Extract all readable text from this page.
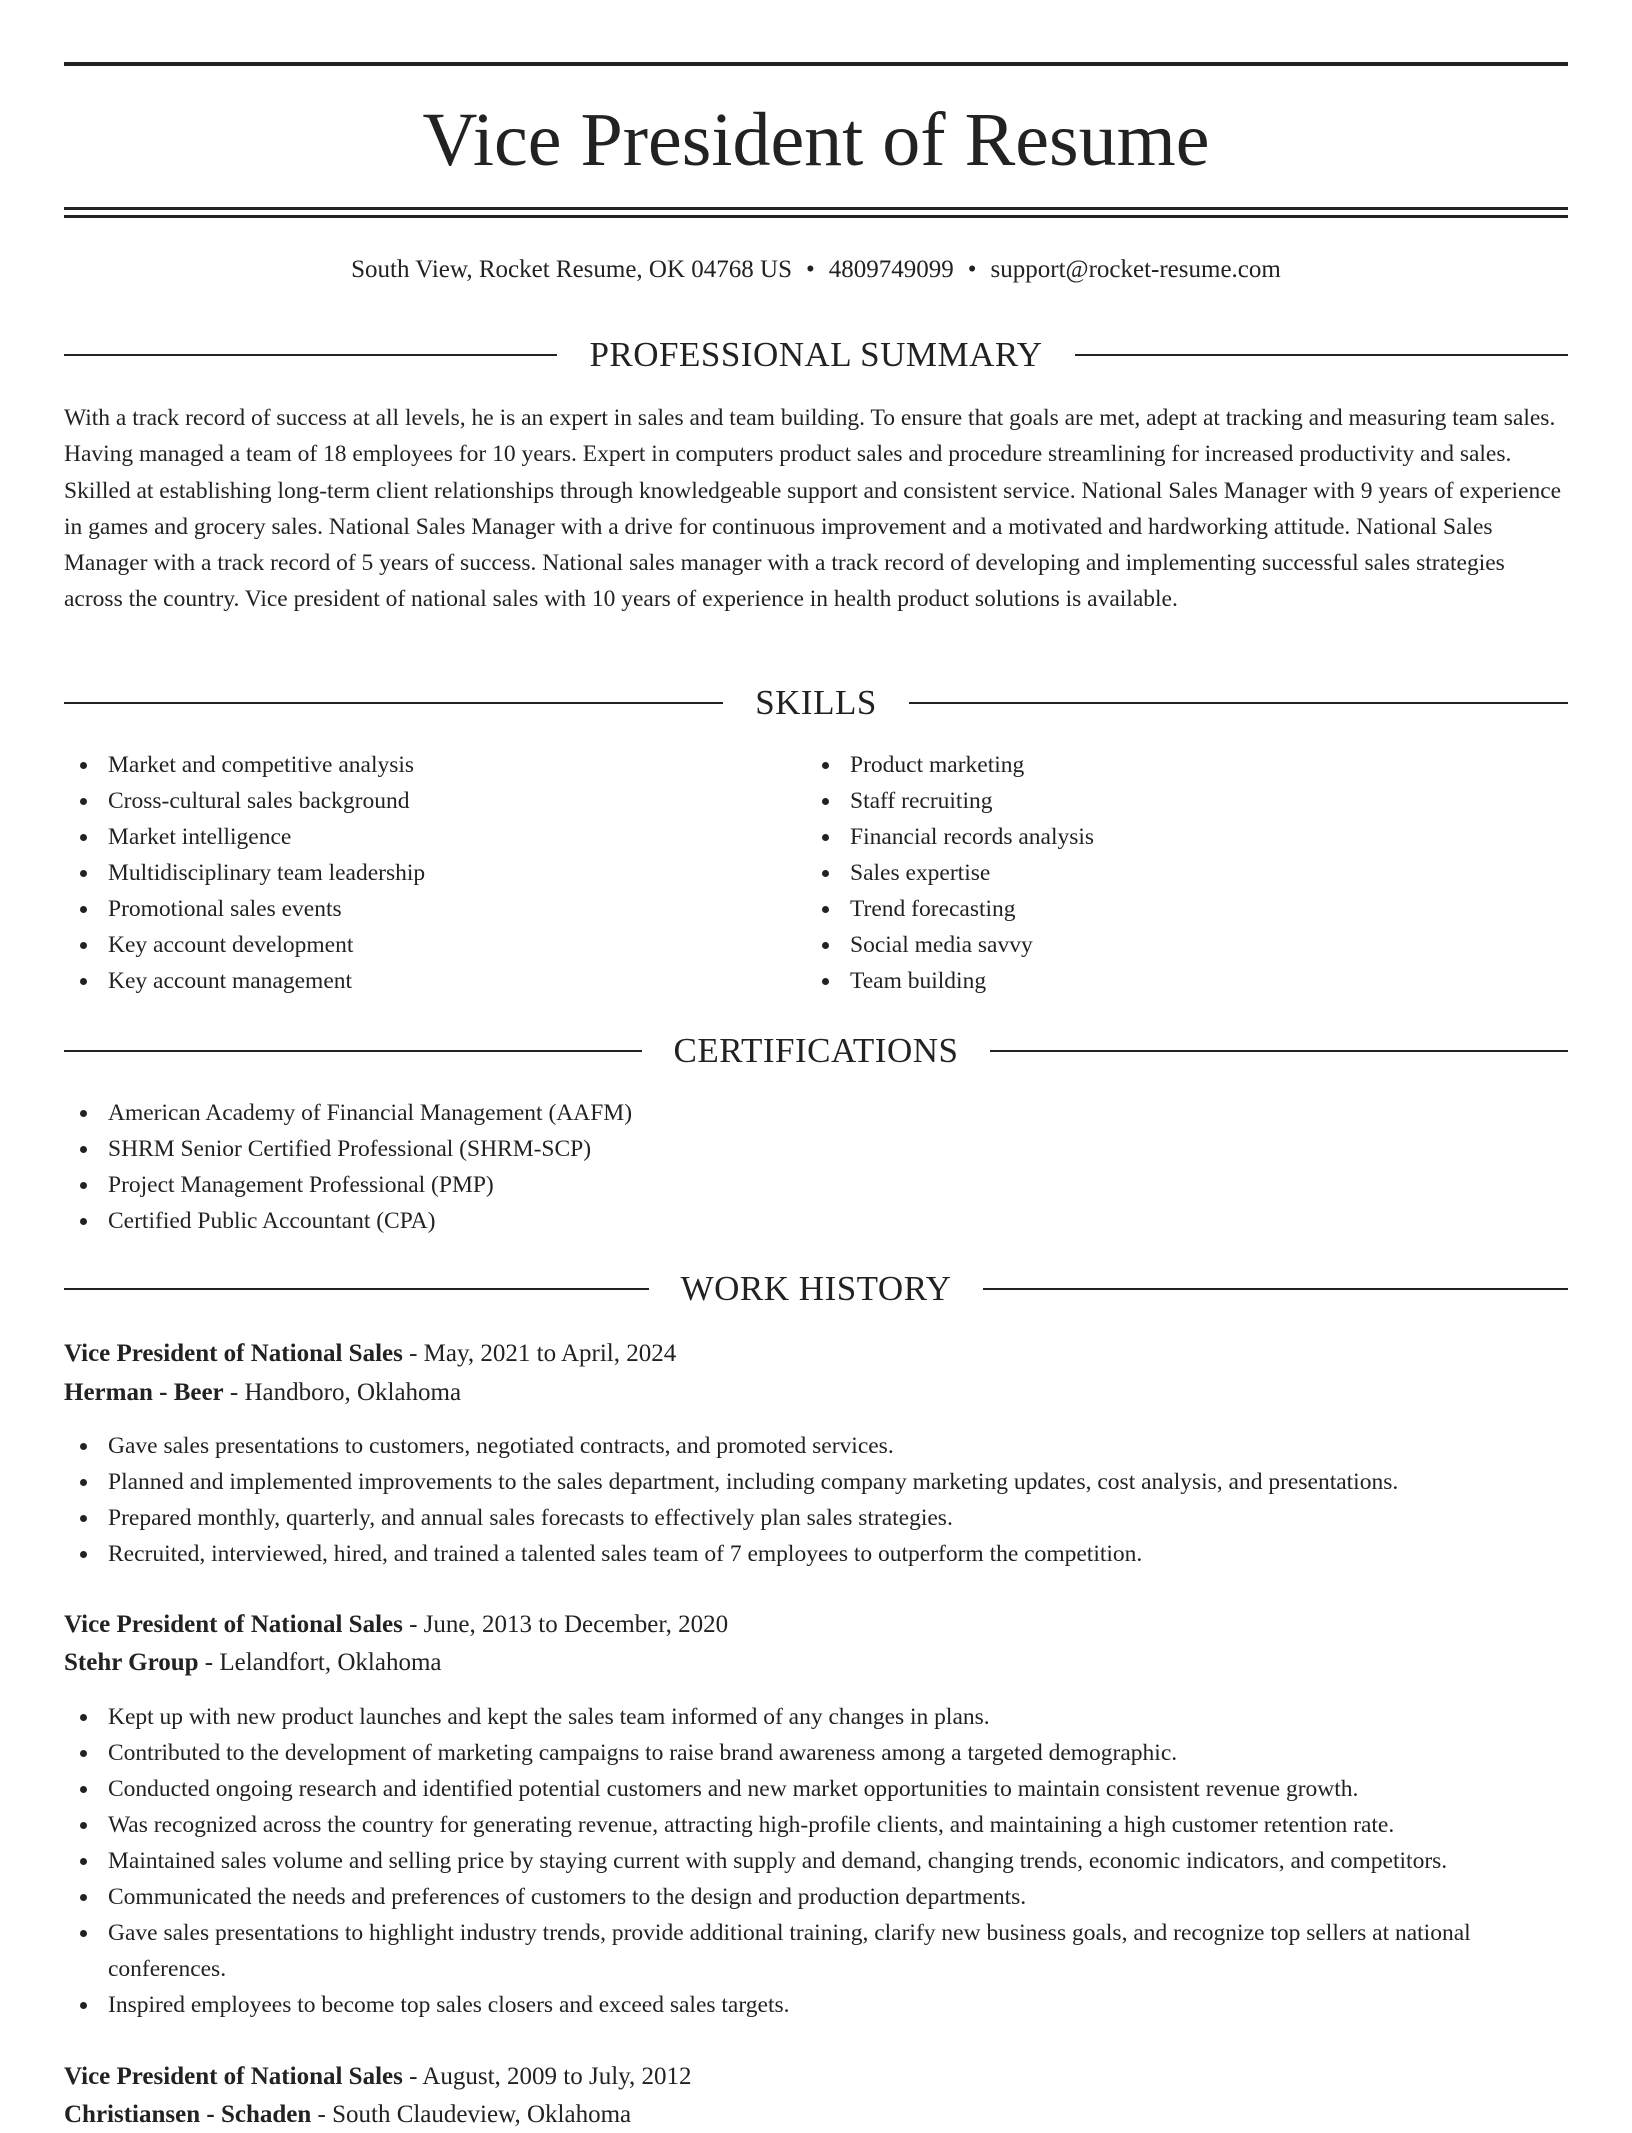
Vice President of Resume
South View, Rocket Resume, OK 04768 US • 4809749099 • support@rocket-resume.com
PROFESSIONAL SUMMARY

With a track record of success at all levels, he is an expert in sales and team building. To ensure that goals are met, adept at tracking and measuring team sales. Having managed a team of 18 employees for 10 years. Expert in computers product sales and procedure streamlining for increased productivity and sales. Skilled at establishing long-term client relationships through knowledgeable support and consistent service. National Sales Manager with 9 years of experience in games and grocery sales. National Sales Manager with a drive for continuous improvement and a motivated and hardworking attitude. National Sales Manager with a track record of 5 years of success. National sales manager with a track record of developing and implementing successful sales strategies across the country. Vice president of national sales with 10 years of experience in health product solutions is available.

SKILLS
Market and competitive analysis
Cross-cultural sales background
Market intelligence
Multidisciplinary team leadership
Promotional sales events
Key account development
Key account management
Product marketing
Staff recruiting
Financial records analysis
Sales expertise
Trend forecasting
Social media savvy
Team building
CERTIFICATIONS
American Academy of Financial Management (AAFM)
SHRM Senior Certified Professional (SHRM-SCP)
Project Management Professional (PMP)
Certified Public Accountant (CPA)
WORK HISTORY
Vice President of National Sales - May, 2021 to April, 2024
Herman - Beer - Handboro, Oklahoma
Gave sales presentations to customers, negotiated contracts, and promoted services.
Planned and implemented improvements to the sales department, including company marketing updates, cost analysis, and presentations.
Prepared monthly, quarterly, and annual sales forecasts to effectively plan sales strategies.
Recruited, interviewed, hired, and trained a talented sales team of 7 employees to outperform the competition.
Vice President of National Sales - June, 2013 to December, 2020
Stehr Group - Lelandfort, Oklahoma
Kept up with new product launches and kept the sales team informed of any changes in plans.
Contributed to the development of marketing campaigns to raise brand awareness among a targeted demographic.
Conducted ongoing research and identified potential customers and new market opportunities to maintain consistent revenue growth.
Was recognized across the country for generating revenue, attracting high-profile clients, and maintaining a high customer retention rate.
Maintained sales volume and selling price by staying current with supply and demand, changing trends, economic indicators, and competitors.
Communicated the needs and preferences of customers to the design and production departments.
Gave sales presentations to highlight industry trends, provide additional training, clarify new business goals, and recognize top sellers at national conferences.
Inspired employees to become top sales closers and exceed sales targets.
Vice President of National Sales - August, 2009 to July, 2012
Christiansen - Schaden - South Claudeview, Oklahoma
